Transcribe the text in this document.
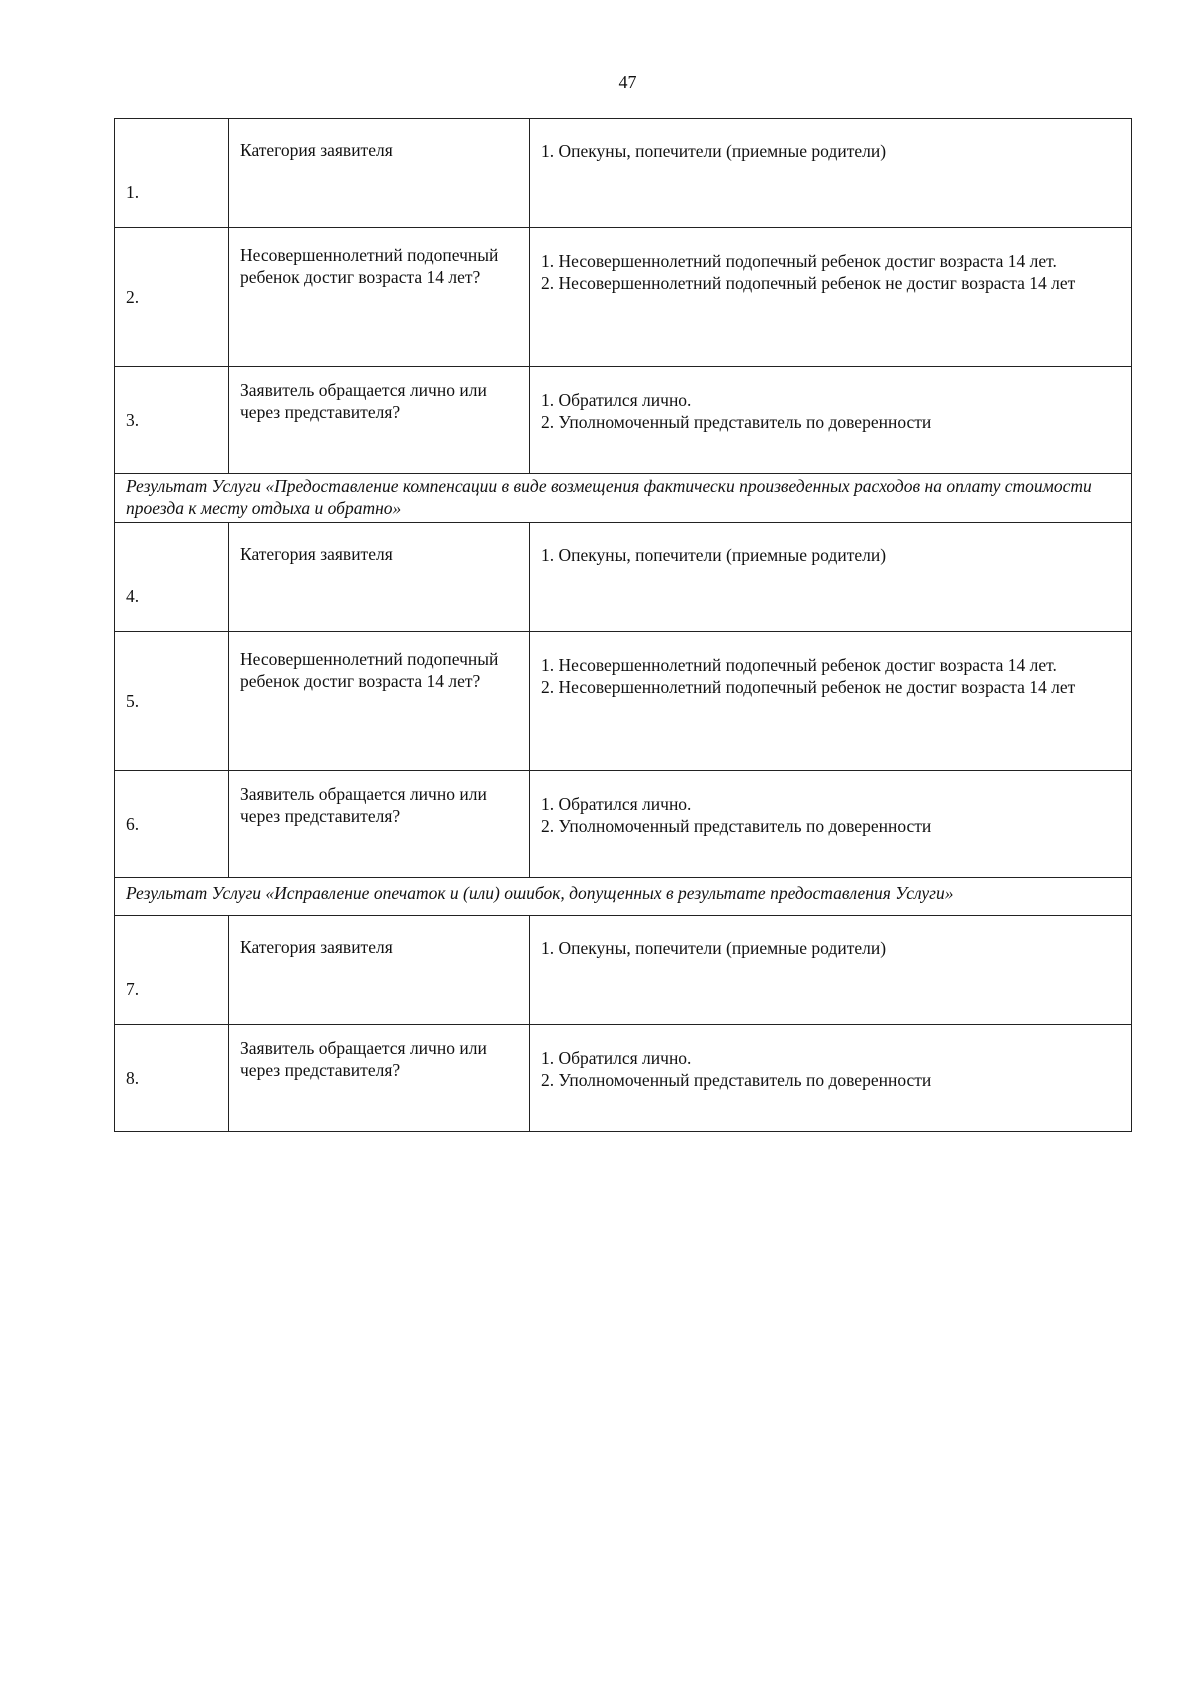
47
1.	Категория заявителя	1. Опекуны, попечители (приемные родители)

2.	Несовершеннолетний подопечный ребенок достиг возраста 14 лет?	1. Несовершеннолетний подопечный ребенок достиг возраста 14 лет.
2. Несовершеннолетний подопечный ребенок не достиг возраста 14 лет

3.	Заявитель обращается лично или через представителя?	1. Обратился лично.
2. Уполномоченный представитель по доверенности

Результат Услуги «Предоставление компенсации в виде возмещения фактически произведенных расходов на оплату стоимости проезда к месту отдыха и обратно»		
4.	Категория заявителя	1. Опекуны, попечители (приемные родители)

5.	Несовершеннолетний подопечный ребенок достиг возраста 14 лет?	1. Несовершеннолетний подопечный ребенок достиг возраста 14 лет.
2. Несовершеннолетний подопечный ребенок не достиг возраста 14 лет

6.	Заявитель обращается лично или через представителя?	1. Обратился лично.
2. Уполномоченный представитель по доверенности

Результат Услуги «Исправление опечаток и (или) ошибок, допущенных в результате предоставления Услуги»		
7.	Категория заявителя	1. Опекуны, попечители (приемные родители)

8.	Заявитель обращается лично или через представителя?	1. Обратился лично.
2. Уполномоченный представитель по доверенности
